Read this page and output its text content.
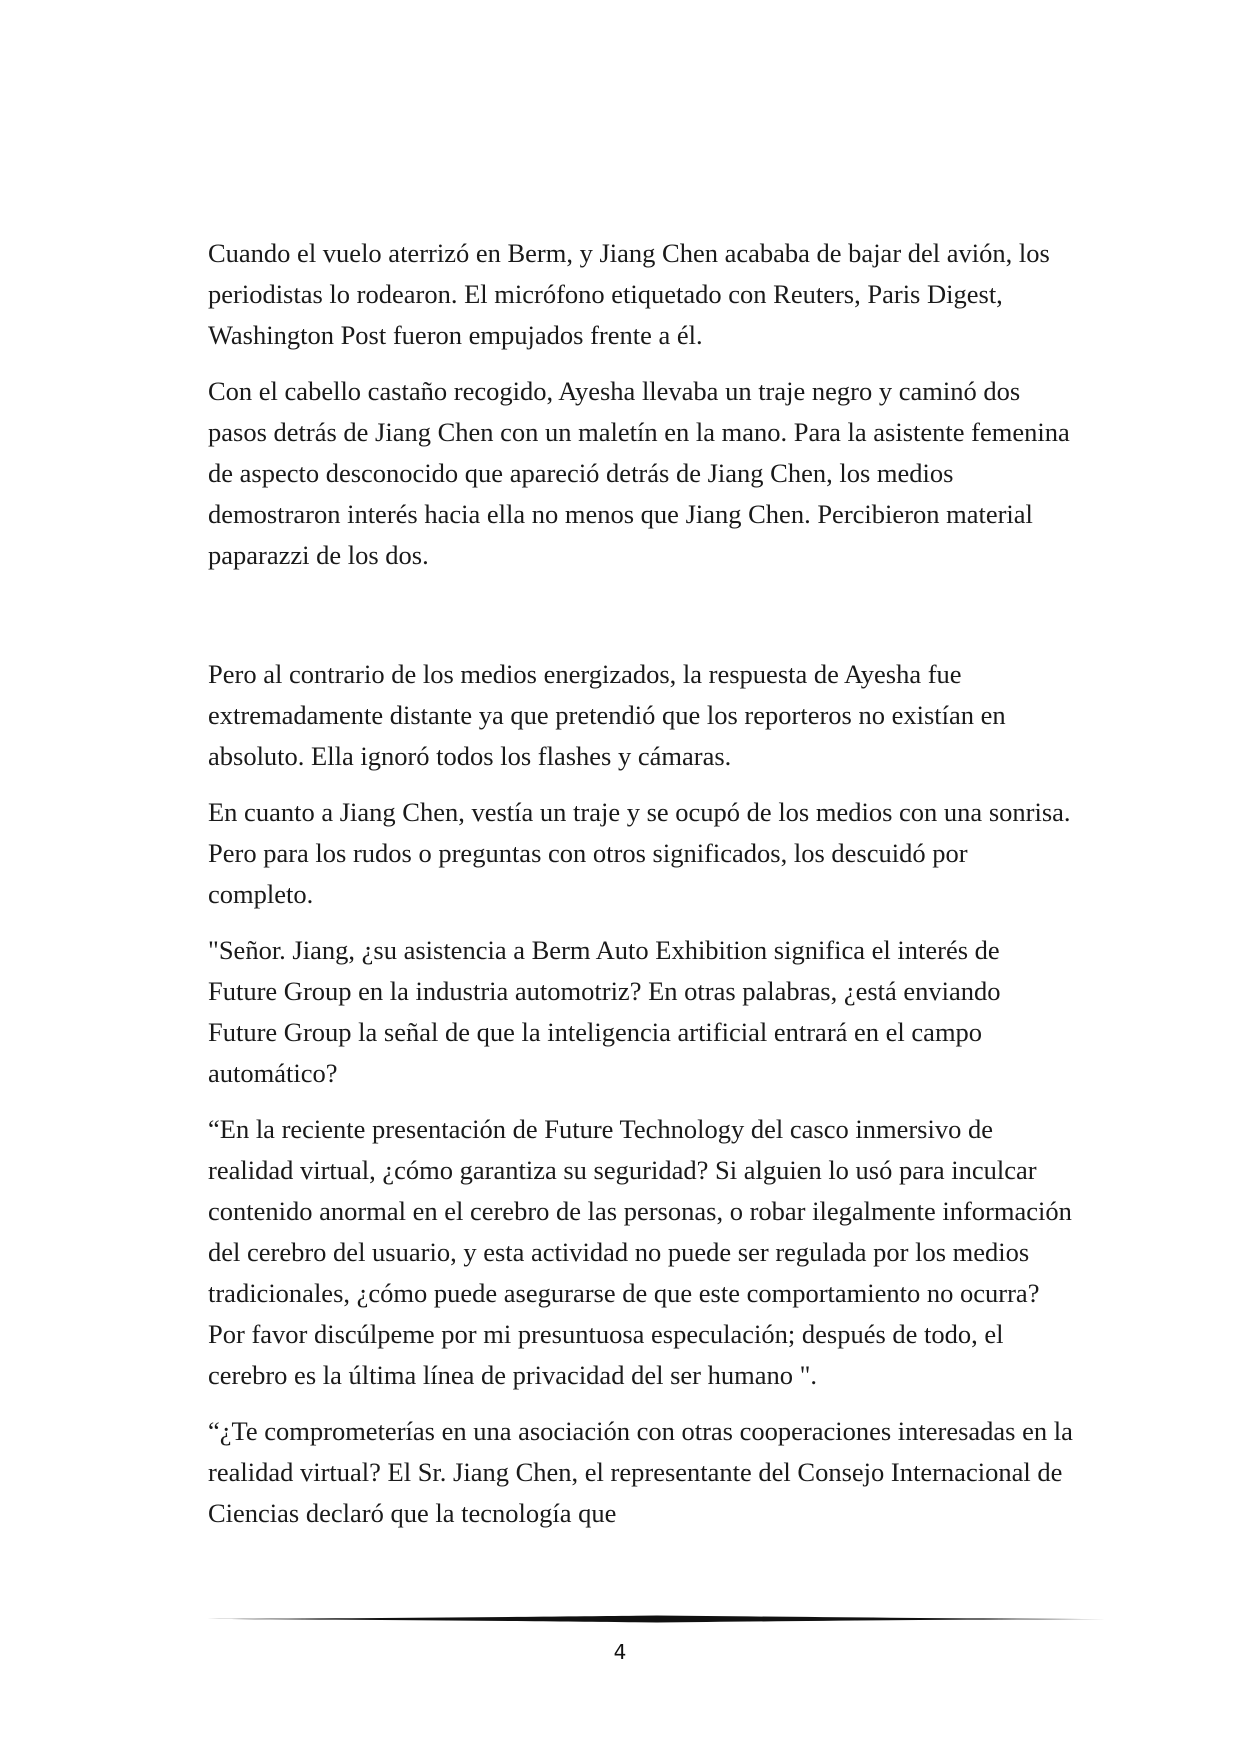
Cuando el vuelo aterrizó en Berm, y Jiang Chen acababa de bajar del avión, los periodistas lo rodearon. El micrófono etiquetado con Reuters, Paris Digest, Washington Post fueron empujados frente a él.

Con el cabello castaño recogido, Ayesha llevaba un traje negro y caminó dos pasos detrás de Jiang Chen con un maletín en la mano. Para la asistente femenina de aspecto desconocido que apareció detrás de Jiang Chen, los medios demostraron interés hacia ella no menos que Jiang Chen. Percibieron material paparazzi de los dos.

Pero al contrario de los medios energizados, la respuesta de Ayesha fue extremadamente distante ya que pretendió que los reporteros no existían en absoluto. Ella ignoró todos los flashes y cámaras.

En cuanto a Jiang Chen, vestía un traje y se ocupó de los medios con una sonrisa. Pero para los rudos o preguntas con otros significados, los descuidó por completo.

"Señor. Jiang, ¿su asistencia a Berm Auto Exhibition significa el interés de Future Group en la industria automotriz? En otras palabras, ¿está enviando Future Group la señal de que la inteligencia artificial entrará en el campo automático?

“En la reciente presentación de Future Technology del casco inmersivo de realidad virtual, ¿cómo garantiza su seguridad? Si alguien lo usó para inculcar contenido anormal en el cerebro de las personas, o robar ilegalmente información del cerebro del usuario, y esta actividad no puede ser regulada por los medios tradicionales, ¿cómo puede asegurarse de que este comportamiento no ocurra? Por favor discúlpeme por mi presuntuosa especulación; después de todo, el cerebro es la última línea de privacidad del ser humano ".

“¿Te comprometerías en una asociación con otras cooperaciones interesadas en la realidad virtual? El Sr. Jiang Chen, el representante del Consejo Internacional de Ciencias declaró que la tecnología que

4
